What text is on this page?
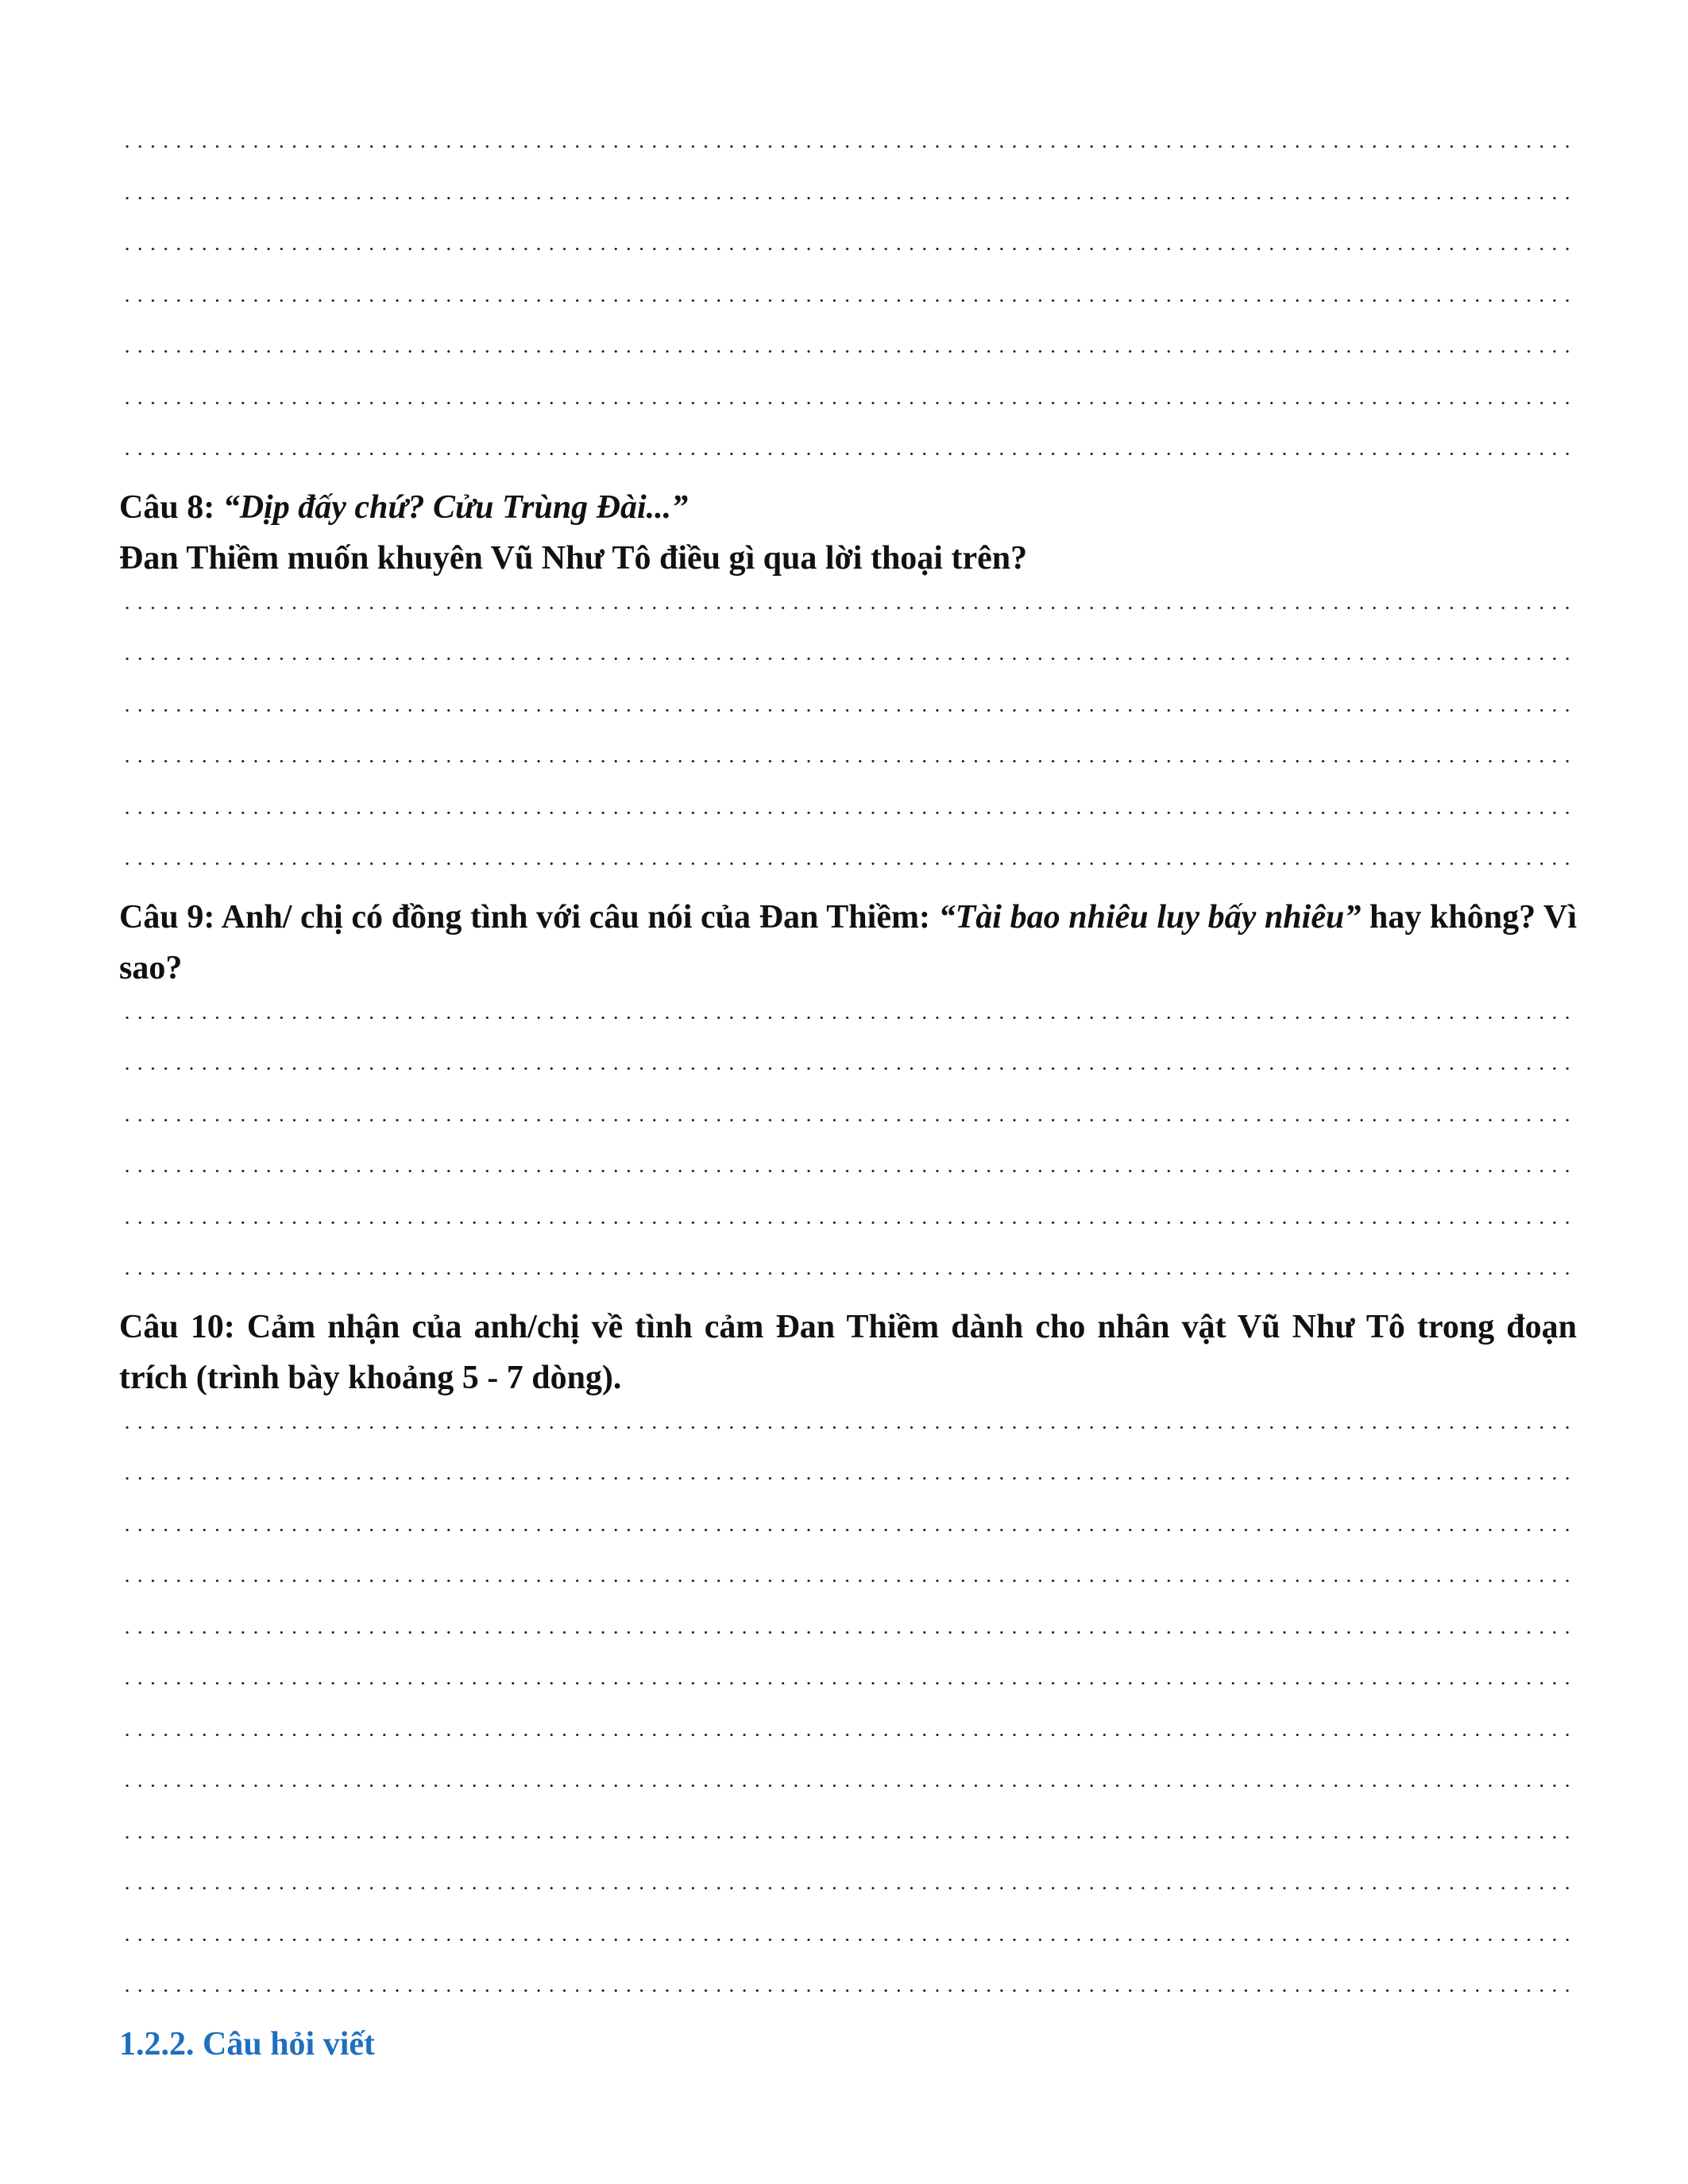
Câu 8: “Dịp đấy chứ? Cửu Trùng Đài...”

Đan Thiềm muốn khuyên Vũ Như Tô điều gì qua lời thoại trên?

Câu 9: Anh/ chị có đồng tình với câu nói của Đan Thiềm: “Tài bao nhiêu luy bấy nhiêu” hay không? Vì sao?

Câu 10: Cảm nhận của anh/chị về tình cảm Đan Thiềm dành cho nhân vật Vũ Như Tô trong đoạn trích (trình bày khoảng 5 - 7 dòng).

1.2.2. Câu hỏi viết
